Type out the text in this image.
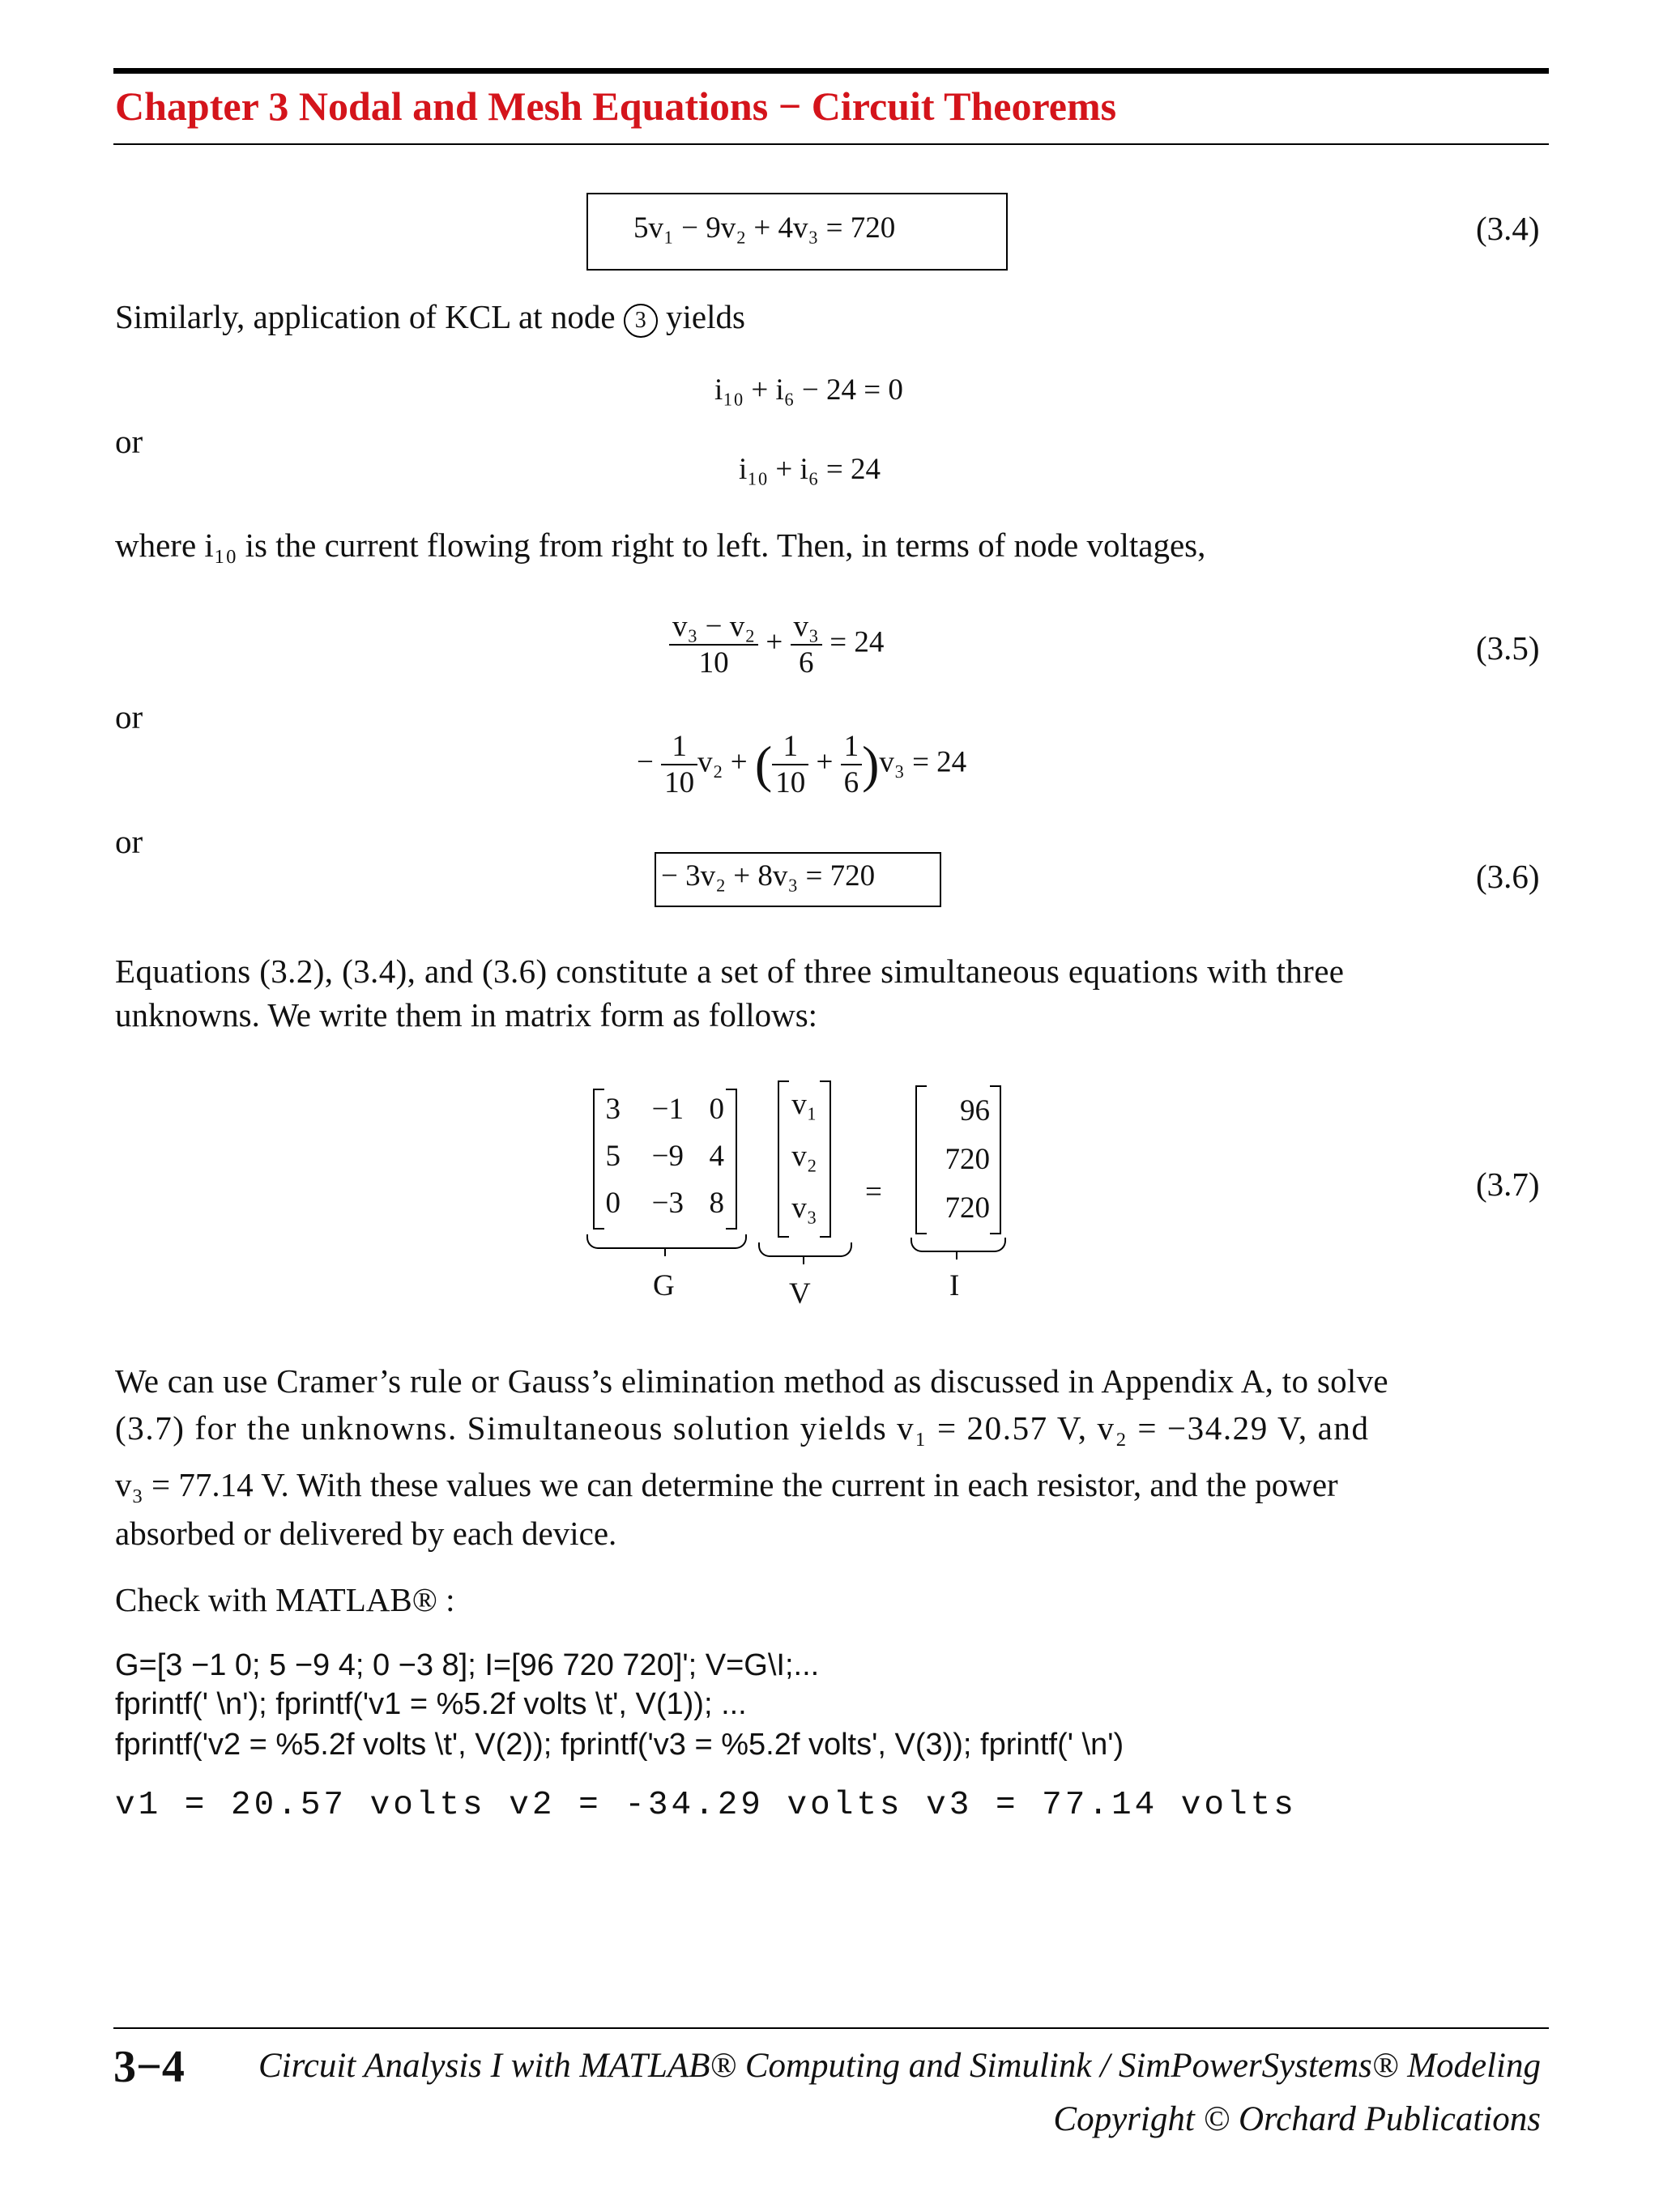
Chapter 3 Nodal and Mesh Equations − Circuit Theorems
5v₁ − 9v₂ + 4v₃ = 720	(3.4)
Similarly, application of KCL at node 3 yields
i₁₀ + i₆ − 24 = 0
or
i₁₀ + i₆ = 24
where i₁₀ is the current flowing from right to left. Then, in terms of node voltages,
$\frac{\text{v₃ − v₂}}{10} + \frac{\text{v₃}}{6} = 24$	(3.5)
or
− $\frac{1}{10} v_2$ + ( $\frac{1}{10} + \frac{1}{6} )v_3 = 24$
or
− 3v₂ + 8v₃ = 720	(3.6)
Equations (3.2), (3.4), and (3.6) constitute a set of three simultaneous equations with three
unknowns. We write them in matrix form as follows:
3	−1 0
5	−9 4
0	−3 8
v₁
v₂
v₃ =
96
720
720
(3.7)
G	V	I
We can use Cramer’s rule or Gauss’s elimination method as discussed in Appendix A, to solve
(3.7) for the unknowns. Simultaneous solution yields v₁ = 20.57 V, v₂ = −34.29 V, and
v₃ = 77.14 V. With these values we can determine the current in each resistor, and the power
absorbed or delivered by each device.
Check with MATLAB® :
G=[3 −1 0; 5 −9 4; 0 −3 8]; I=[96 720 720]'; V=G\I;...
fprintf(' \n'); fprintf('v1 = %5.2f volts \t', V(1)); ...
fprintf('v2 = %5.2f volts \t', V(2)); fprintf('v3 = %5.2f volts', V(3)); fprintf(' \n')
v1 = 20.57 volts v2 = -34.29 volts v3 = 77.14 volts
3−4 Circuit Analysis I with MATLAB® Computing and Simulink / SimPowerSystems® Modeling
Copyright © Orchard Publications
